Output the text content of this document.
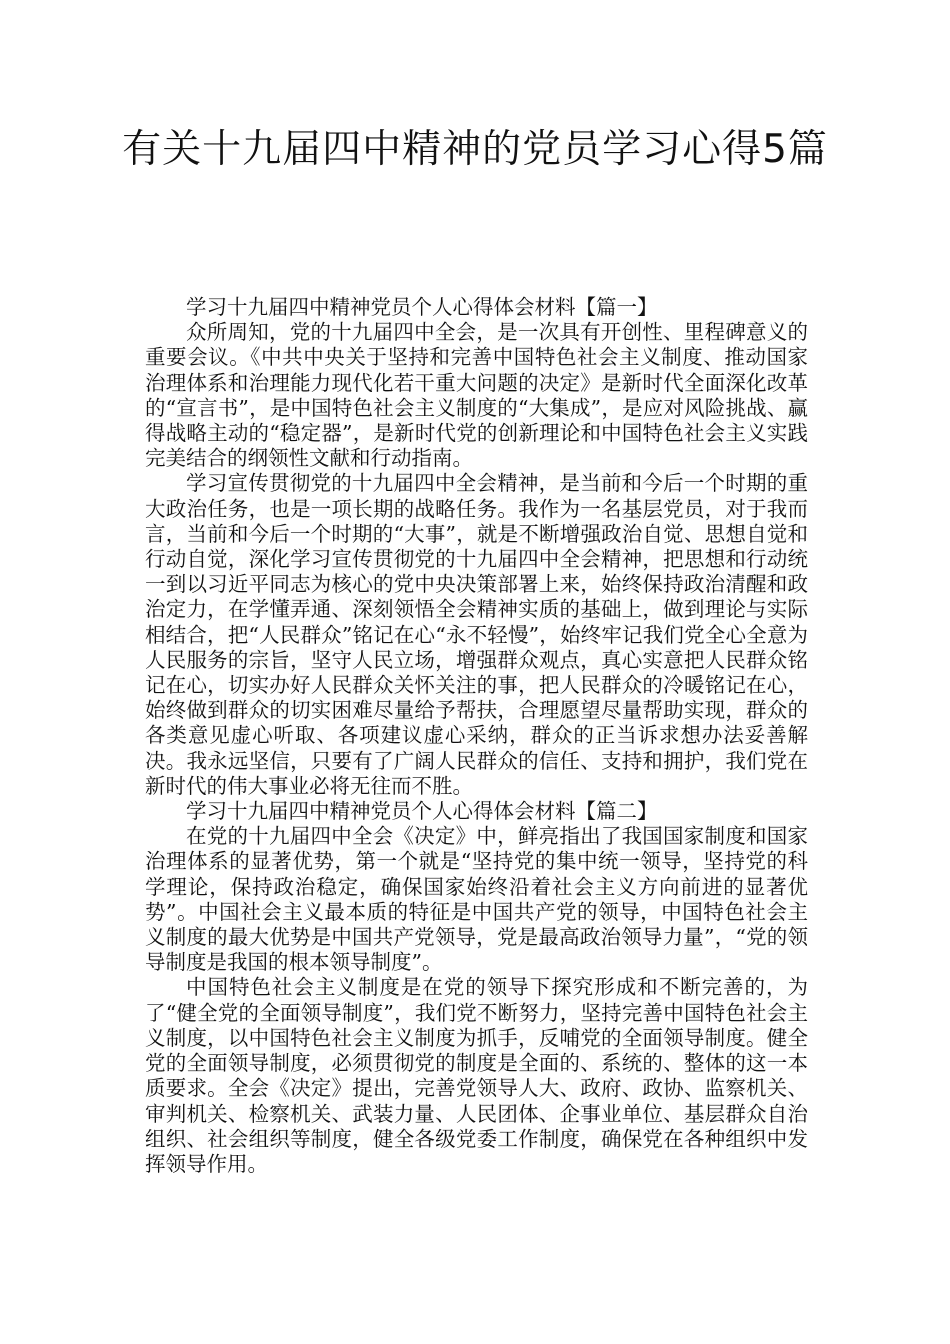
有关十九届四中精神的党员学习心得5篇

学习十九届四中精神党员个人心得体会材料【篇一】

众所周知，党的十九届四中全会，是一次具有开创性、里程碑意义的重要会议。《中共中央关于坚持和完善中国特色社会主义制度、推动国家治理体系和治理能力现代化若干重大问题的决定》是新时代全面深化改革的“宣言书”，是中国特色社会主义制度的“大集成”，是应对风险挑战、赢得战略主动的“稳定器”，是新时代党的创新理论和中国特色社会主义实践完美结合的纲领性文献和行动指南。

学习宣传贯彻党的十九届四中全会精神，是当前和今后一个时期的重大政治任务，也是一项长期的战略任务。我作为一名基层党员，对于我而言，当前和今后一个时期的“大事”，就是不断增强政治自觉、思想自觉和行动自觉，深化学习宣传贯彻党的十九届四中全会精神，把思想和行动统一到以习近平同志为核心的党中央决策部署上来，始终保持政治清醒和政治定力，在学懂弄通、深刻领悟全会精神实质的基础上，做到理论与实际相结合，把“人民群众”铭记在心“永不轻慢”，始终牢记我们党全心全意为人民服务的宗旨，坚守人民立场，增强群众观点，真心实意把人民群众铭记在心，切实办好人民群众关怀关注的事，把人民群众的冷暖铭记在心，始终做到群众的切实困难尽量给予帮扶，合理愿望尽量帮助实现，群众的各类意见虚心听取、各项建议虚心采纳，群众的正当诉求想办法妥善解决。我永远坚信，只要有了广阔人民群众的信任、支持和拥护，我们党在新时代的伟大事业必将无往而不胜。

学习十九届四中精神党员个人心得体会材料【篇二】

在党的十九届四中全会《决定》中，鲜亮指出了我国国家制度和国家治理体系的显著优势，第一个就是“坚持党的集中统一领导，坚持党的科学理论，保持政治稳定，确保国家始终沿着社会主义方向前进的显著优势”。中国社会主义最本质的特征是中国共产党的领导，中国特色社会主义制度的最大优势是中国共产党领导，党是最高政治领导力量”，“党的领导制度是我国的根本领导制度”。

中国特色社会主义制度是在党的领导下探究形成和不断完善的，为了“健全党的全面领导制度”，我们党不断努力，坚持完善中国特色社会主义制度，以中国特色社会主义制度为抓手，反哺党的全面领导制度。健全党的全面领导制度，必须贯彻党的制度是全面的、系统的、整体的这一本质要求。全会《决定》提出，完善党领导人大、政府、政协、监察机关、审判机关、检察机关、武装力量、人民团体、企事业单位、基层群众自治组织、社会组织等制度，健全各级党委工作制度，确保党在各种组织中发挥领导作用。
